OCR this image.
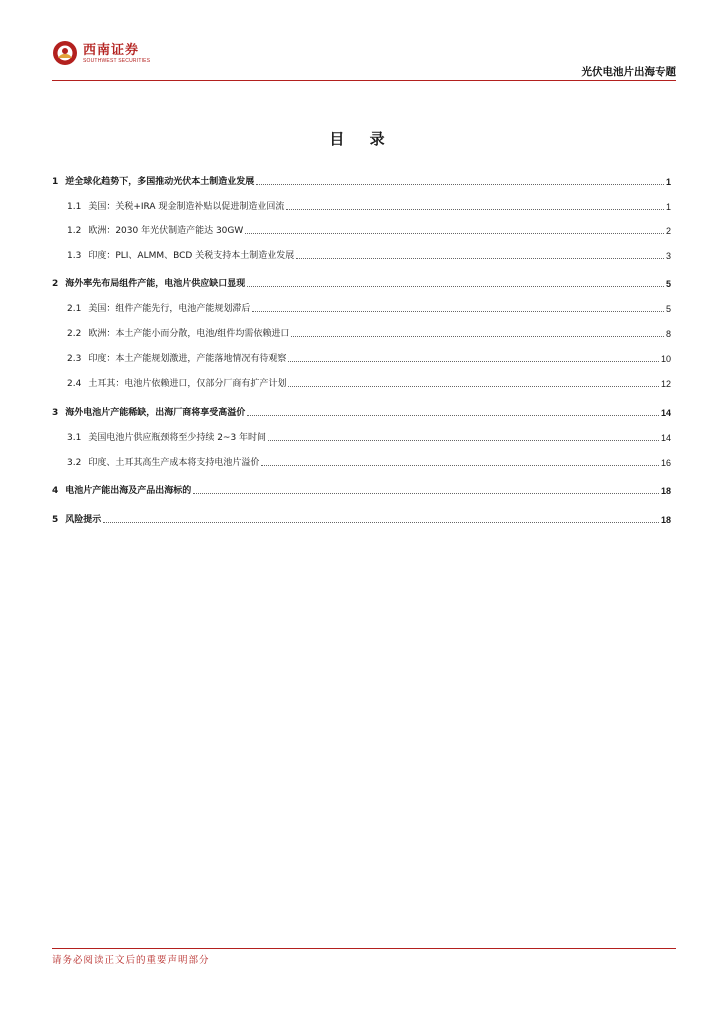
西南证券
SOUTHWEST SECURITIES
光伏电池片出海专题
目 录
1 逆全球化趋势下，多国推动光伏本土制造业发展	1
1.1 美国：关税+IRA 现金制造补贴以促进制造业回流	1
1.2 欧洲：2030 年光伏制造产能达 30GW	2
1.3 印度：PLI、ALMM、BCD 关税支持本土制造业发展	3
2 海外率先布局组件产能，电池片供应缺口显现	5
2.1 美国：组件产能先行，电池产能规划滞后	5
2.2 欧洲：本土产能小而分散，电池/组件均需依赖进口	8
2.3 印度：本土产能规划激进，产能落地情况有待观察	10
2.4 土耳其：电池片依赖进口，仅部分厂商有扩产计划	12
3 海外电池片产能稀缺，出海厂商将享受高溢价	14
3.1 美国电池片供应瓶颈将至少持续 2~3 年时间	14
3.2 印度、土耳其高生产成本将支持电池片溢价	16
4 电池片产能出海及产品出海标的	18
5 风险提示	18
请务必阅读正文后的重要声明部分
